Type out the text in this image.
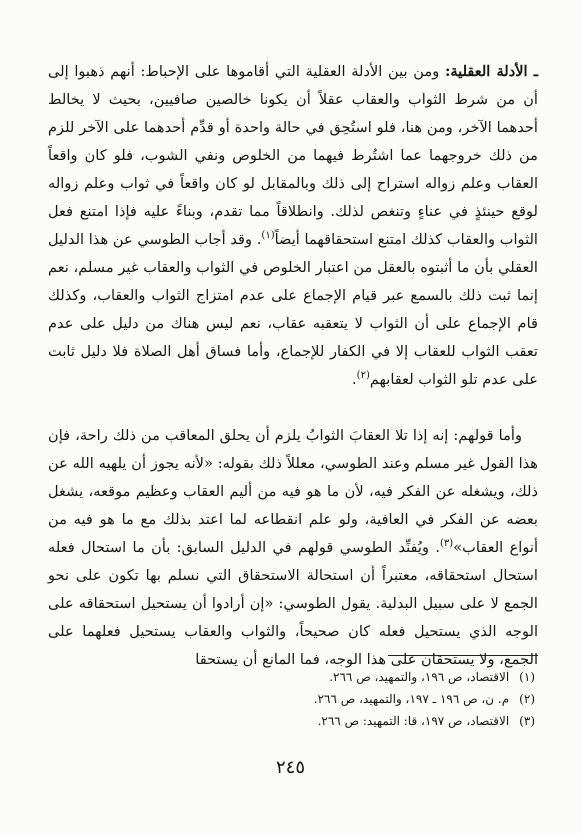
ـ الأدلة العقلية: ومن بين الأدلة العقلية التي أقاموها على الإحباط: أنهم ذهبوا إلى أن من شرط الثواب والعقاب عقلاً أن يكونا خالصين صافيين، بحيث لا يخالط أحدهما الآخر، ومن هنا، فلو استُحِق في حالة واحدة أو قدِّم أحدهما على الآخر للزم من ذلك خروجهما عما اشتُرط فيهما من الخلوص ونفي الشوب، فلو كان واقعاً العقاب وعلم زواله استراح إلى ذلك وبالمقابل لو كان واقعاً في ثواب وعلم زواله لوقع حينئذٍ في عناءٍ وتنغص لذلك. وانطلاقاً مما تقدم، وبناءً عليه فإذا امتنع فعل الثواب والعقاب كذلك امتنع استحقاقهما أيضاً$^{(١)}$. وقد أجاب الطوسي عن هذا الدليل العقلي بأن ما أثبتوه بالعقل من اعتبار الخلوص في الثواب والعقاب غير مسلم، نعم إنما ثبت ذلك بالسمع عبر قيام الإجماع على عدم امتزاج الثواب والعقاب، وكذلك قام الإجماع على أن الثواب لا يتعقبه عقاب، نعم ليس هناك من دليل على عدم تعقب الثواب للعقاب إلا في الكفار للإجماع، وأما فساق أهل الصلاة فلا دليل ثابت على عدم تلو الثواب لعقابهم$^{(٢)}$.

وأما قولهم: إنه إذا تلا العقابَ الثوابُ يلزم أن يحلق المعاقب من ذلك راحة، فإن هذا القول غير مسلم وعند الطوسي، معللاً ذلك بقوله: «لأنه يجوز أن يلهيه الله عن ذلك، ويشغله عن الفكر فيه، لأن ما هو فيه من أليم العقاب وعظيم موقعه، يشغل بعضه عن الفكر في العافية، ولو علم انقطاعه لما اعتد بذلك مع ما هو فيه من أنواع العقاب»$^{(٣)}$. ويُفنِّد الطوسي قولهم في الدليل السابق: بأن ما استحال فعله استحال استحقاقه، معتبراً أن استحالة الاستحقاق التي نسلم بها تكون على نحو الجمع لا على سبيل البدلية. يقول الطوسي: «إن أرادوا أن يستحيل استحقاقه على الوجه الذي يستحيل فعله كان صحيحاً، والثواب والعقاب يستحيل فعلهما على الجمع، ولا يستحقان على هذا الوجه، فما المانع أن يستحقا

(١)الاقتصاد، ص ١٩٦، والتمهيد، ص ٢٦٦.
(٢)م. ن، ص ١٩٦ ـ ١٩٧، والتمهيد، ص ٢٦٦.
(٣)الاقتصاد، ص ١٩٧، قا: التمهيد: ص ٢٦٦.
٢٤٥
